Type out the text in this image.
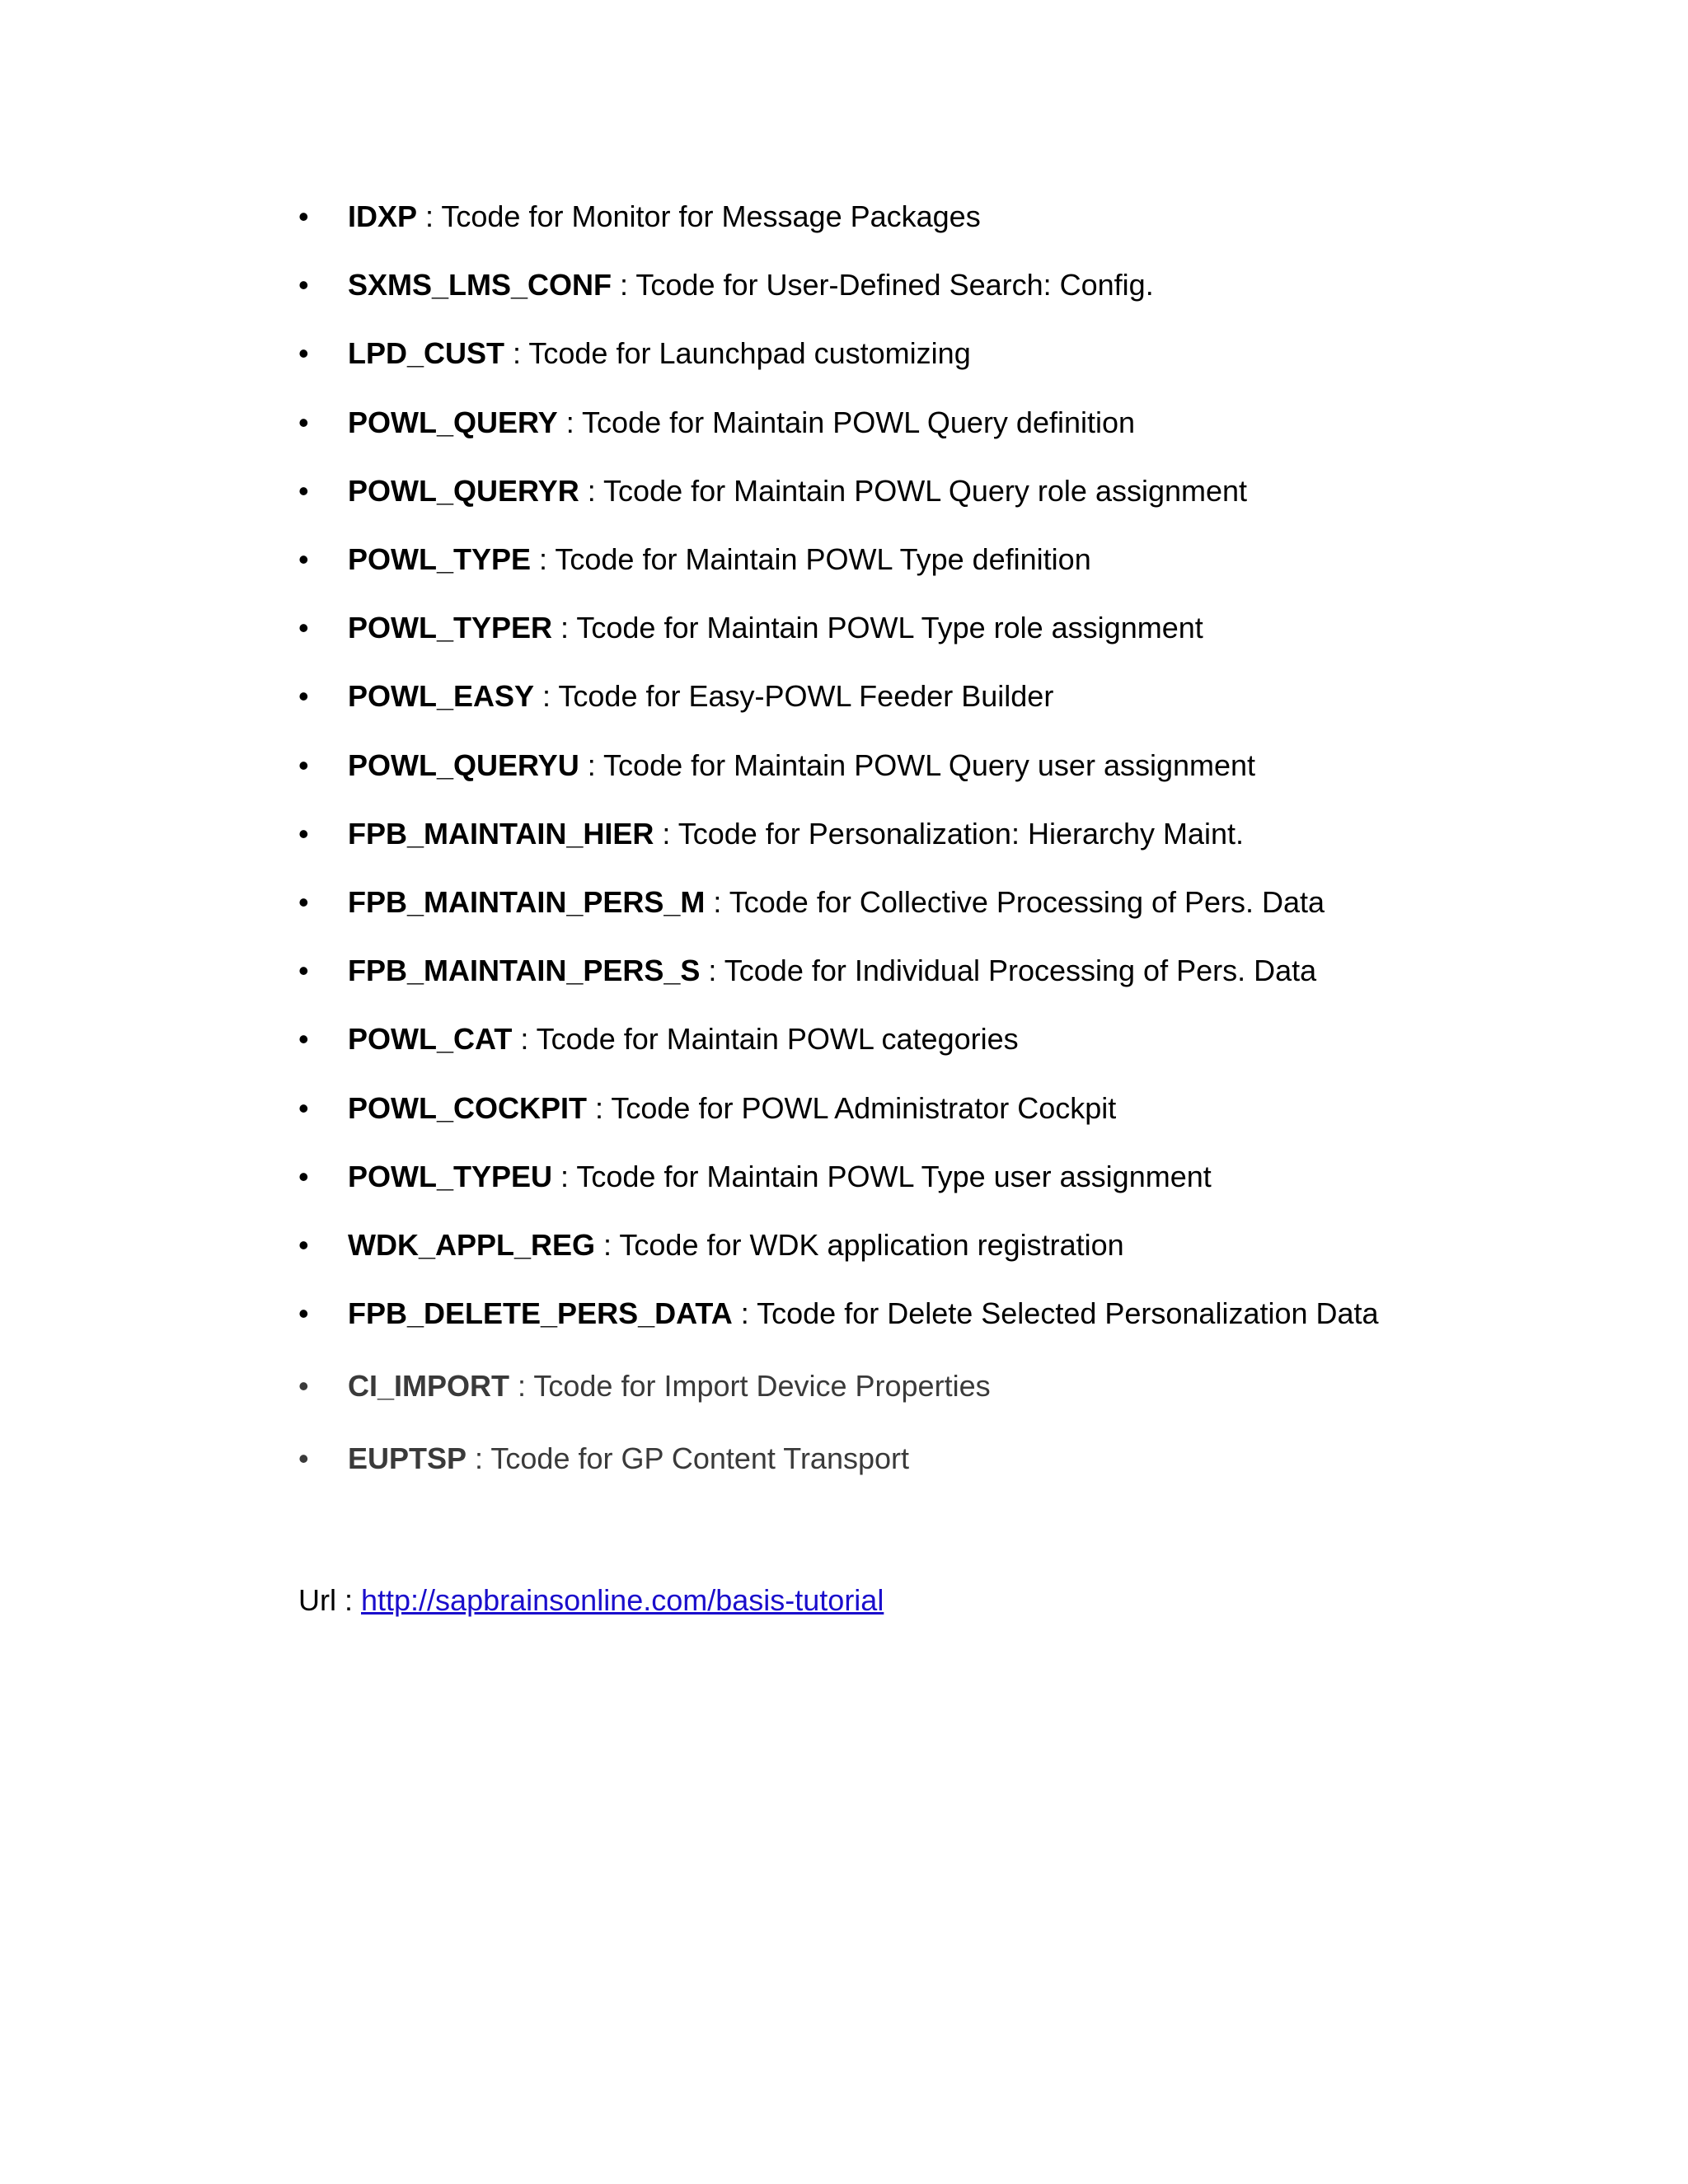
• IDXP : Tcode for Monitor for Message Packages
• SXMS_LMS_CONF : Tcode for User-Defined Search: Config.
• LPD_CUST : Tcode for Launchpad customizing
• POWL_QUERY : Tcode for Maintain POWL Query definition
• POWL_QUERYR : Tcode for Maintain POWL Query role assignment
• POWL_TYPE : Tcode for Maintain POWL Type definition
• POWL_TYPER : Tcode for Maintain POWL Type role assignment
• POWL_EASY : Tcode for Easy-POWL Feeder Builder
• POWL_QUERYU : Tcode for Maintain POWL Query user assignment
• FPB_MAINTAIN_HIER : Tcode for Personalization: Hierarchy Maint.
• FPB_MAINTAIN_PERS_M : Tcode for Collective Processing of Pers. Data
• FPB_MAINTAIN_PERS_S : Tcode for Individual Processing of Pers. Data
• POWL_CAT : Tcode for Maintain POWL categories
• POWL_COCKPIT : Tcode for POWL Administrator Cockpit
• POWL_TYPEU : Tcode for Maintain POWL Type user assignment
• WDK_APPL_REG : Tcode for WDK application registration
• FPB_DELETE_PERS_DATA : Tcode for Delete Selected Personalization Data
• CI_IMPORT : Tcode for Import Device Properties
• EUPTSP : Tcode for GP Content Transport
Url : http://sapbrainsonline.com/basis-tutorial
